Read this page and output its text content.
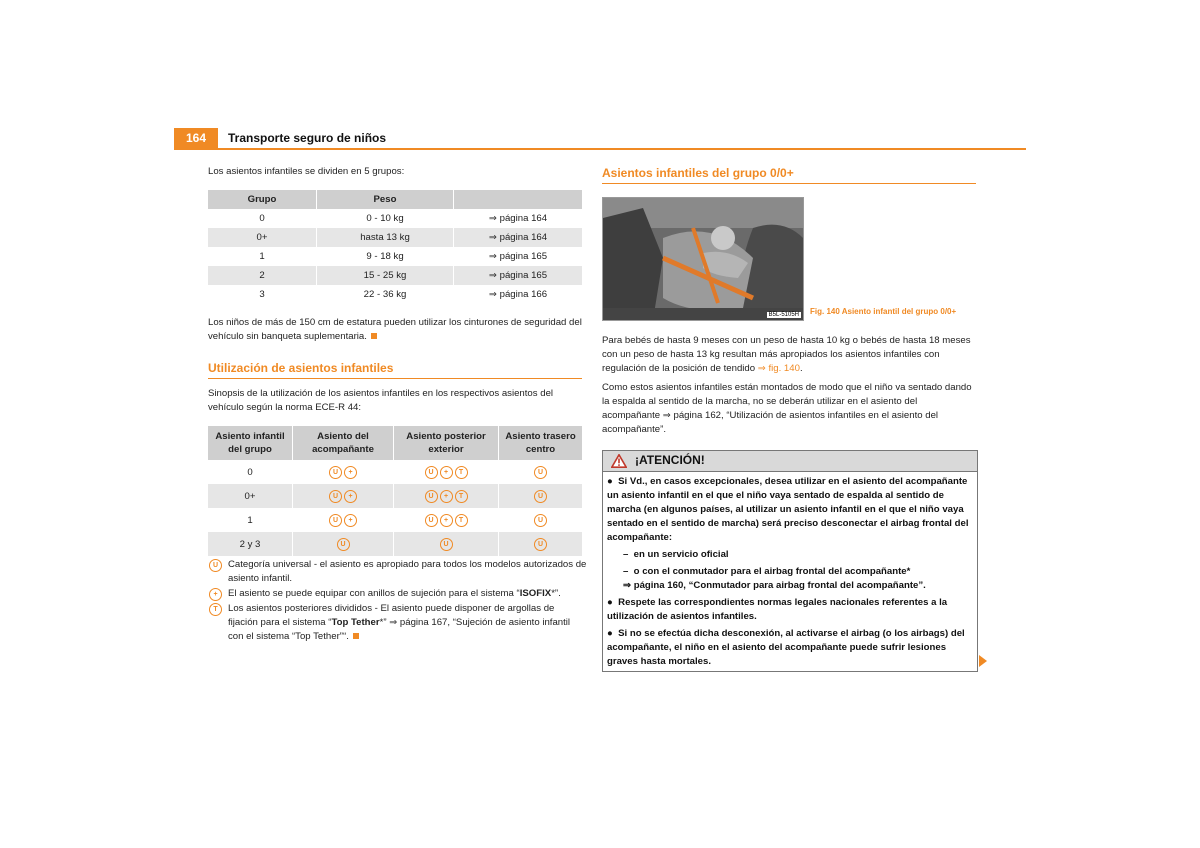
164	Transporte seguro de niños
Los asientos infantiles se dividen en 5 grupos:
Grupo	Peso	
0	0 - 10 kg	⇒ página 164
0+	hasta 13 kg	⇒ página 164
1	9 - 18 kg	⇒ página 165
2	15 - 25 kg	⇒ página 165
3	22 - 36 kg	⇒ página 166
Los niños de más de 150 cm de estatura pueden utilizar los cinturones de seguridad del vehículo sin banqueta suplementaria.
Utilización de asientos infantiles
Sinopsis de la utilización de los asientos infantiles en los respectivos asientos del vehículo según la norma ECE-R 44:
Asiento infantil del grupo	Asiento del acompañante	Asiento posterior exterior	Asiento trasero centro
0	U +	U + T	U
0+	U +	U + T	U
1	U +	U + T	U
2 y 3	U	U	U
U	Categoría universal - el asiento es apropiado para todos los modelos autorizados de asiento infantil.
+	El asiento se puede equipar con anillos de sujeción para el sistema “ISOFIX*”.
T	Los asientos posteriores divididos - El asiento puede disponer de argollas de fijación para el sistema “Top Tether*” ⇒ página 167, “Sujeción de asiento infantil con el sistema “Top Tether”“.
Asientos infantiles del grupo 0/0+
B5L-5105H Fig. 140 Asiento infantil del grupo 0/0+
Para bebés de hasta 9 meses con un peso de hasta 10 kg o bebés de hasta 18 meses con un peso de hasta 13 kg resultan más apropiados los asientos infantiles con regulación de la posición de tendido ⇒ fig. 140.
Como estos asientos infantiles están montados de modo que el niño va sentado dando la espalda al sentido de la marcha, no se deberán utilizar en el asiento del acompañante ⇒ página 162, “Utilización de asientos infantiles en el asiento del acompañante”.
¡ATENCIÓN!

●  Si Vd., en casos excepcionales, desea utilizar en el asiento del acompañante un asiento infantil en el que el niño vaya sentado de espalda al sentido de marcha (en algunos países, al utilizar un asiento infantil en el que el niño vaya sentado en el sentido de marcha) será preciso desconectar el airbag frontal del acompañante:

–  en un servicio oficial

–  o con el conmutador para el airbag frontal del acompañante*

⇒ página 160, “Conmutador para airbag frontal del acompañante”.

●  Respete las correspondientes normas legales nacionales referentes a la utilización de asientos infantiles.

●  Si no se efectúa dicha desconexión, al activarse el airbag (o los airbags) del acompañante, el niño en el asiento del acompañante puede sufrir lesiones graves hasta mortales.
